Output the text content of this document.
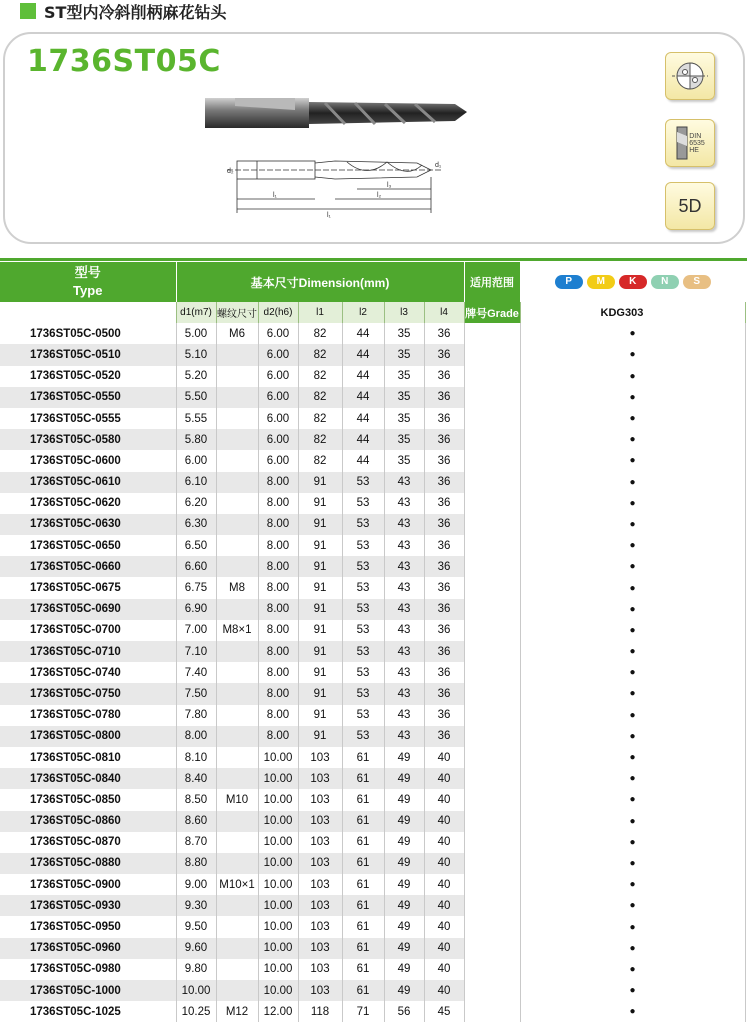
ST型内冷斜削柄麻花钻头
1736ST05C
d₂
l₁	l₂
l₃
l₁
d₁
DIN
6535
HE
5D
型号
Type	基本尺寸Dimension(mm)							适用范围	P M K N S
	d1(m7)	螺纹尺寸	d2(h6)	l1	l2	l3	l4	牌号Grade	KDG303
1736ST05C-0500	5.00	M6	6.00	82	44	35	36		●
1736ST05C-0510	5.10		6.00	82	44	35	36		●
1736ST05C-0520	5.20		6.00	82	44	35	36		●
1736ST05C-0550	5.50		6.00	82	44	35	36		●
1736ST05C-0555	5.55		6.00	82	44	35	36		●
1736ST05C-0580	5.80		6.00	82	44	35	36		●
1736ST05C-0600	6.00		6.00	82	44	35	36		●
1736ST05C-0610	6.10		8.00	91	53	43	36		●
1736ST05C-0620	6.20		8.00	91	53	43	36		●
1736ST05C-0630	6.30		8.00	91	53	43	36		●
1736ST05C-0650	6.50		8.00	91	53	43	36		●
1736ST05C-0660	6.60		8.00	91	53	43	36		●
1736ST05C-0675	6.75	M8	8.00	91	53	43	36		●
1736ST05C-0690	6.90		8.00	91	53	43	36		●
1736ST05C-0700	7.00	M8×1	8.00	91	53	43	36		●
1736ST05C-0710	7.10		8.00	91	53	43	36		●
1736ST05C-0740	7.40		8.00	91	53	43	36		●
1736ST05C-0750	7.50		8.00	91	53	43	36		●
1736ST05C-0780	7.80		8.00	91	53	43	36		●
1736ST05C-0800	8.00		8.00	91	53	43	36		●
1736ST05C-0810	8.10		10.00	103	61	49	40		●
1736ST05C-0840	8.40		10.00	103	61	49	40		●
1736ST05C-0850	8.50	M10	10.00	103	61	49	40		●
1736ST05C-0860	8.60		10.00	103	61	49	40		●
1736ST05C-0870	8.70		10.00	103	61	49	40		●
1736ST05C-0880	8.80		10.00	103	61	49	40		●
1736ST05C-0900	9.00	M10×1	10.00	103	61	49	40		●
1736ST05C-0930	9.30		10.00	103	61	49	40		●
1736ST05C-0950	9.50		10.00	103	61	49	40		●
1736ST05C-0960	9.60		10.00	103	61	49	40		●
1736ST05C-0980	9.80		10.00	103	61	49	40		●
1736ST05C-1000	10.00		10.00	103	61	49	40		●
1736ST05C-1025	10.25	M12	12.00	118	71	56	45		●
